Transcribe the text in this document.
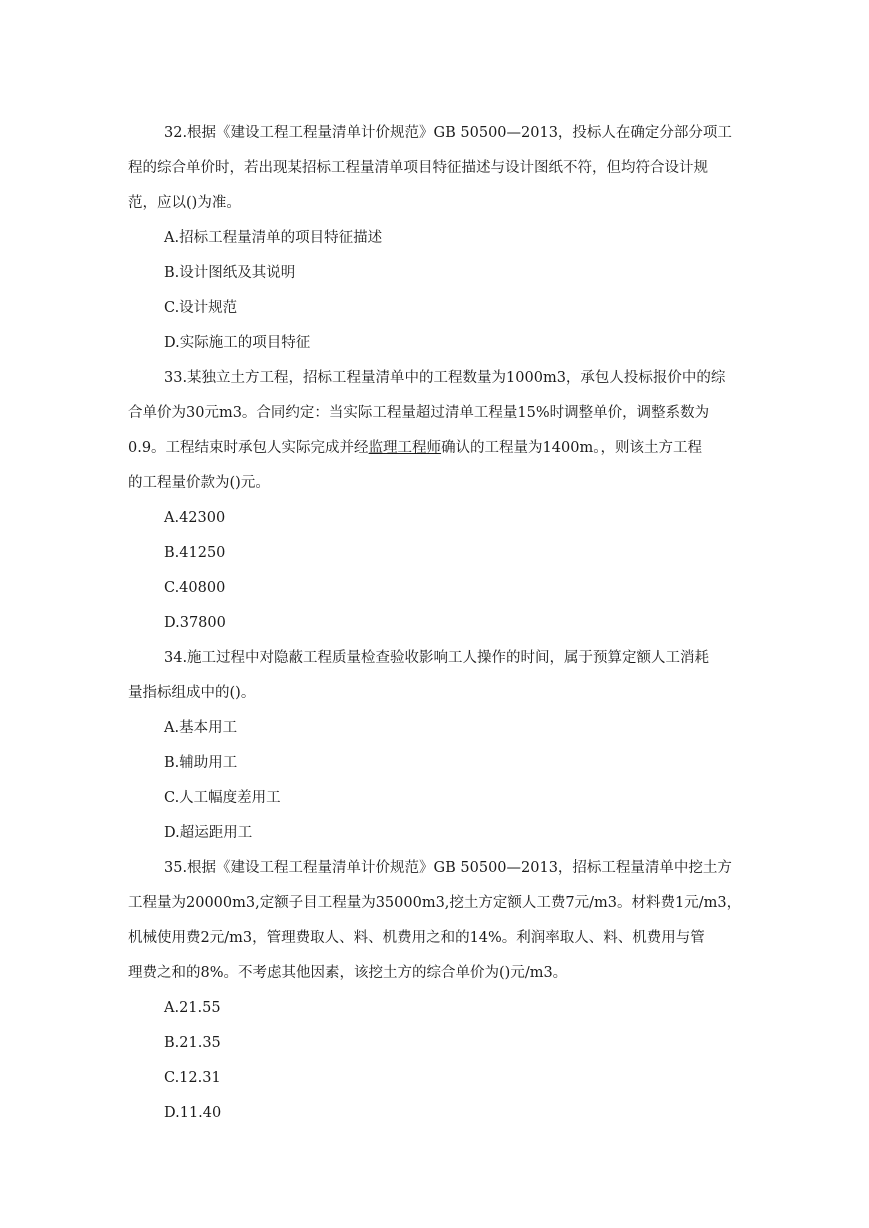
32.根据《建设工程工程量清单计价规范》GB 50500—2013，投标人在确定分部分项工
程的综合单价时，若出现某招标工程量清单项目特征描述与设计图纸不符，但均符合设计规
范，应以()为准。
A.招标工程量清单的项目特征描述
B.设计图纸及其说明
C.设计规范
D.实际施工的项目特征
33.某独立土方工程，招标工程量清单中的工程数量为1000m3，承包人投标报价中的综
合单价为30元m3。合同约定：当实际工程量超过清单工程量15%时调整单价，调整系数为
0.9。工程结束时承包人实际完成并经监理工程师确认的工程量为1400m。，则该土方工程
的工程量价款为()元。
A.42300
B.41250
C.40800
D.37800
34.施工过程中对隐蔽工程质量检查验收影响工人操作的时间，属于预算定额人工消耗
量指标组成中的()。
A.基本用工
B.辅助用工
C.人工幅度差用工
D.超运距用工
35.根据《建设工程工程量清单计价规范》GB 50500—2013，招标工程量清单中挖土方
工程量为20000m3,定额子目工程量为35000m3,挖土方定额人工费7元/m3。材料费1元/m3，
机械使用费2元/m3，管理费取人、料、机费用之和的14%。利润率取人、料、机费用与管
理费之和的8%。不考虑其他因素，该挖土方的综合单价为()元/m3。
A.21.55
B.21.35
C.12.31
D.11.40
